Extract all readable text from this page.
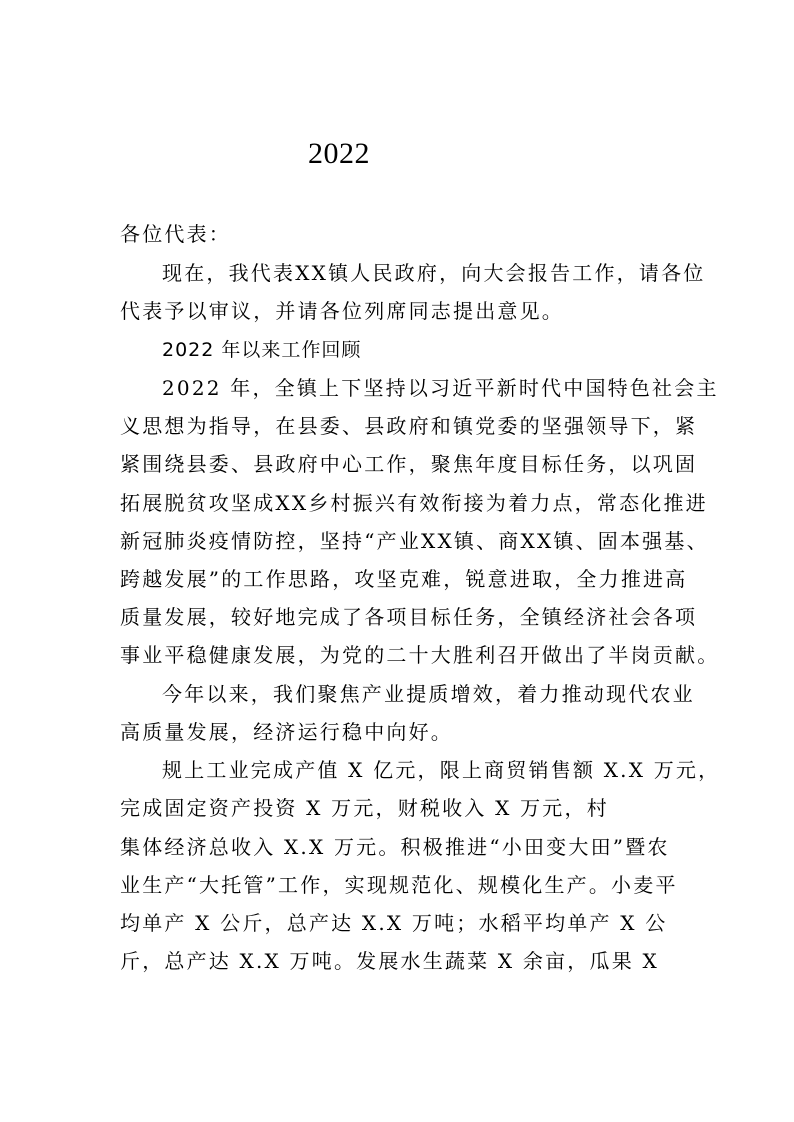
2022
各位代表：
现在，我代表XX镇人民政府，向大会报告工作，请各位
代表予以审议，并请各位列席同志提出意见。
2022 年以来工作回顾
2022 年，全镇上下坚持以习近平新时代中国特色社会主
义思想为指导，在县委、县政府和镇党委的坚强领导下，紧
紧围绕县委、县政府中心工作，聚焦年度目标任务，以巩固
拓展脱贫攻坚成XX乡村振兴有效衔接为着力点，常态化推进
新冠肺炎疫情防控，坚持“产业XX镇、商XX镇、固本强基、
跨越发展”的工作思路，攻坚克难，锐意进取，全力推进高
质量发展，较好地完成了各项目标任务，全镇经济社会各项
事业平稳健康发展，为党的二十大胜利召开做出了半岗贡献。
今年以来，我们聚焦产业提质增效，着力推动现代农业
高质量发展，经济运行稳中向好。
规上工业完成产值 X 亿元，限上商贸销售额 X.X 万元，
完成固定资产投资 X 万元，财税收入 X 万元，村
集体经济总收入 X.X 万元。积极推进“小田变大田”暨农
业生产“大托管”工作，实现规范化、规模化生产。小麦平
均单产 X 公斤，总产达 X.X 万吨；水稻平均单产 X 公
斤，总产达 X.X 万吨。发展水生蔬菜 X 余亩，瓜果 X
